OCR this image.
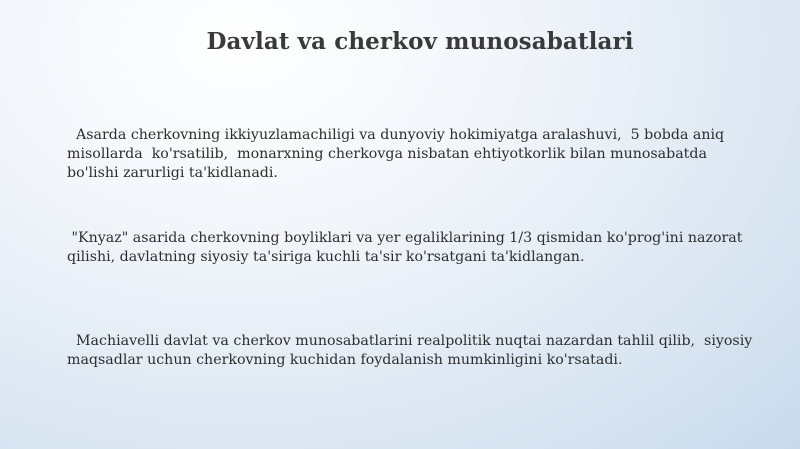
Davlat va cherkov munosabatlari
Asarda cherkovning ikkiyuzlamachiligi va dunyoviy hokimiyatga aralashuvi,  5 bobda aniq
misollarda  ko'rsatilib,  monarxning cherkovga nisbatan ehtiyotkorlik bilan munosabatda
bo'lishi zarurligi ta'kidlanadi.
"Knyaz" asarida cherkovning boyliklari va yer egaliklarining 1/3 qismidan ko'prog'ini nazorat
qilishi, davlatning siyosiy ta'siriga kuchli ta'sir ko'rsatgani ta'kidlangan.
Machiavelli davlat va cherkov munosabatlarini realpolitik nuqtai nazardan tahlil qilib,  siyosiy
maqsadlar uchun cherkovning kuchidan foydalanish mumkinligini ko'rsatadi.
